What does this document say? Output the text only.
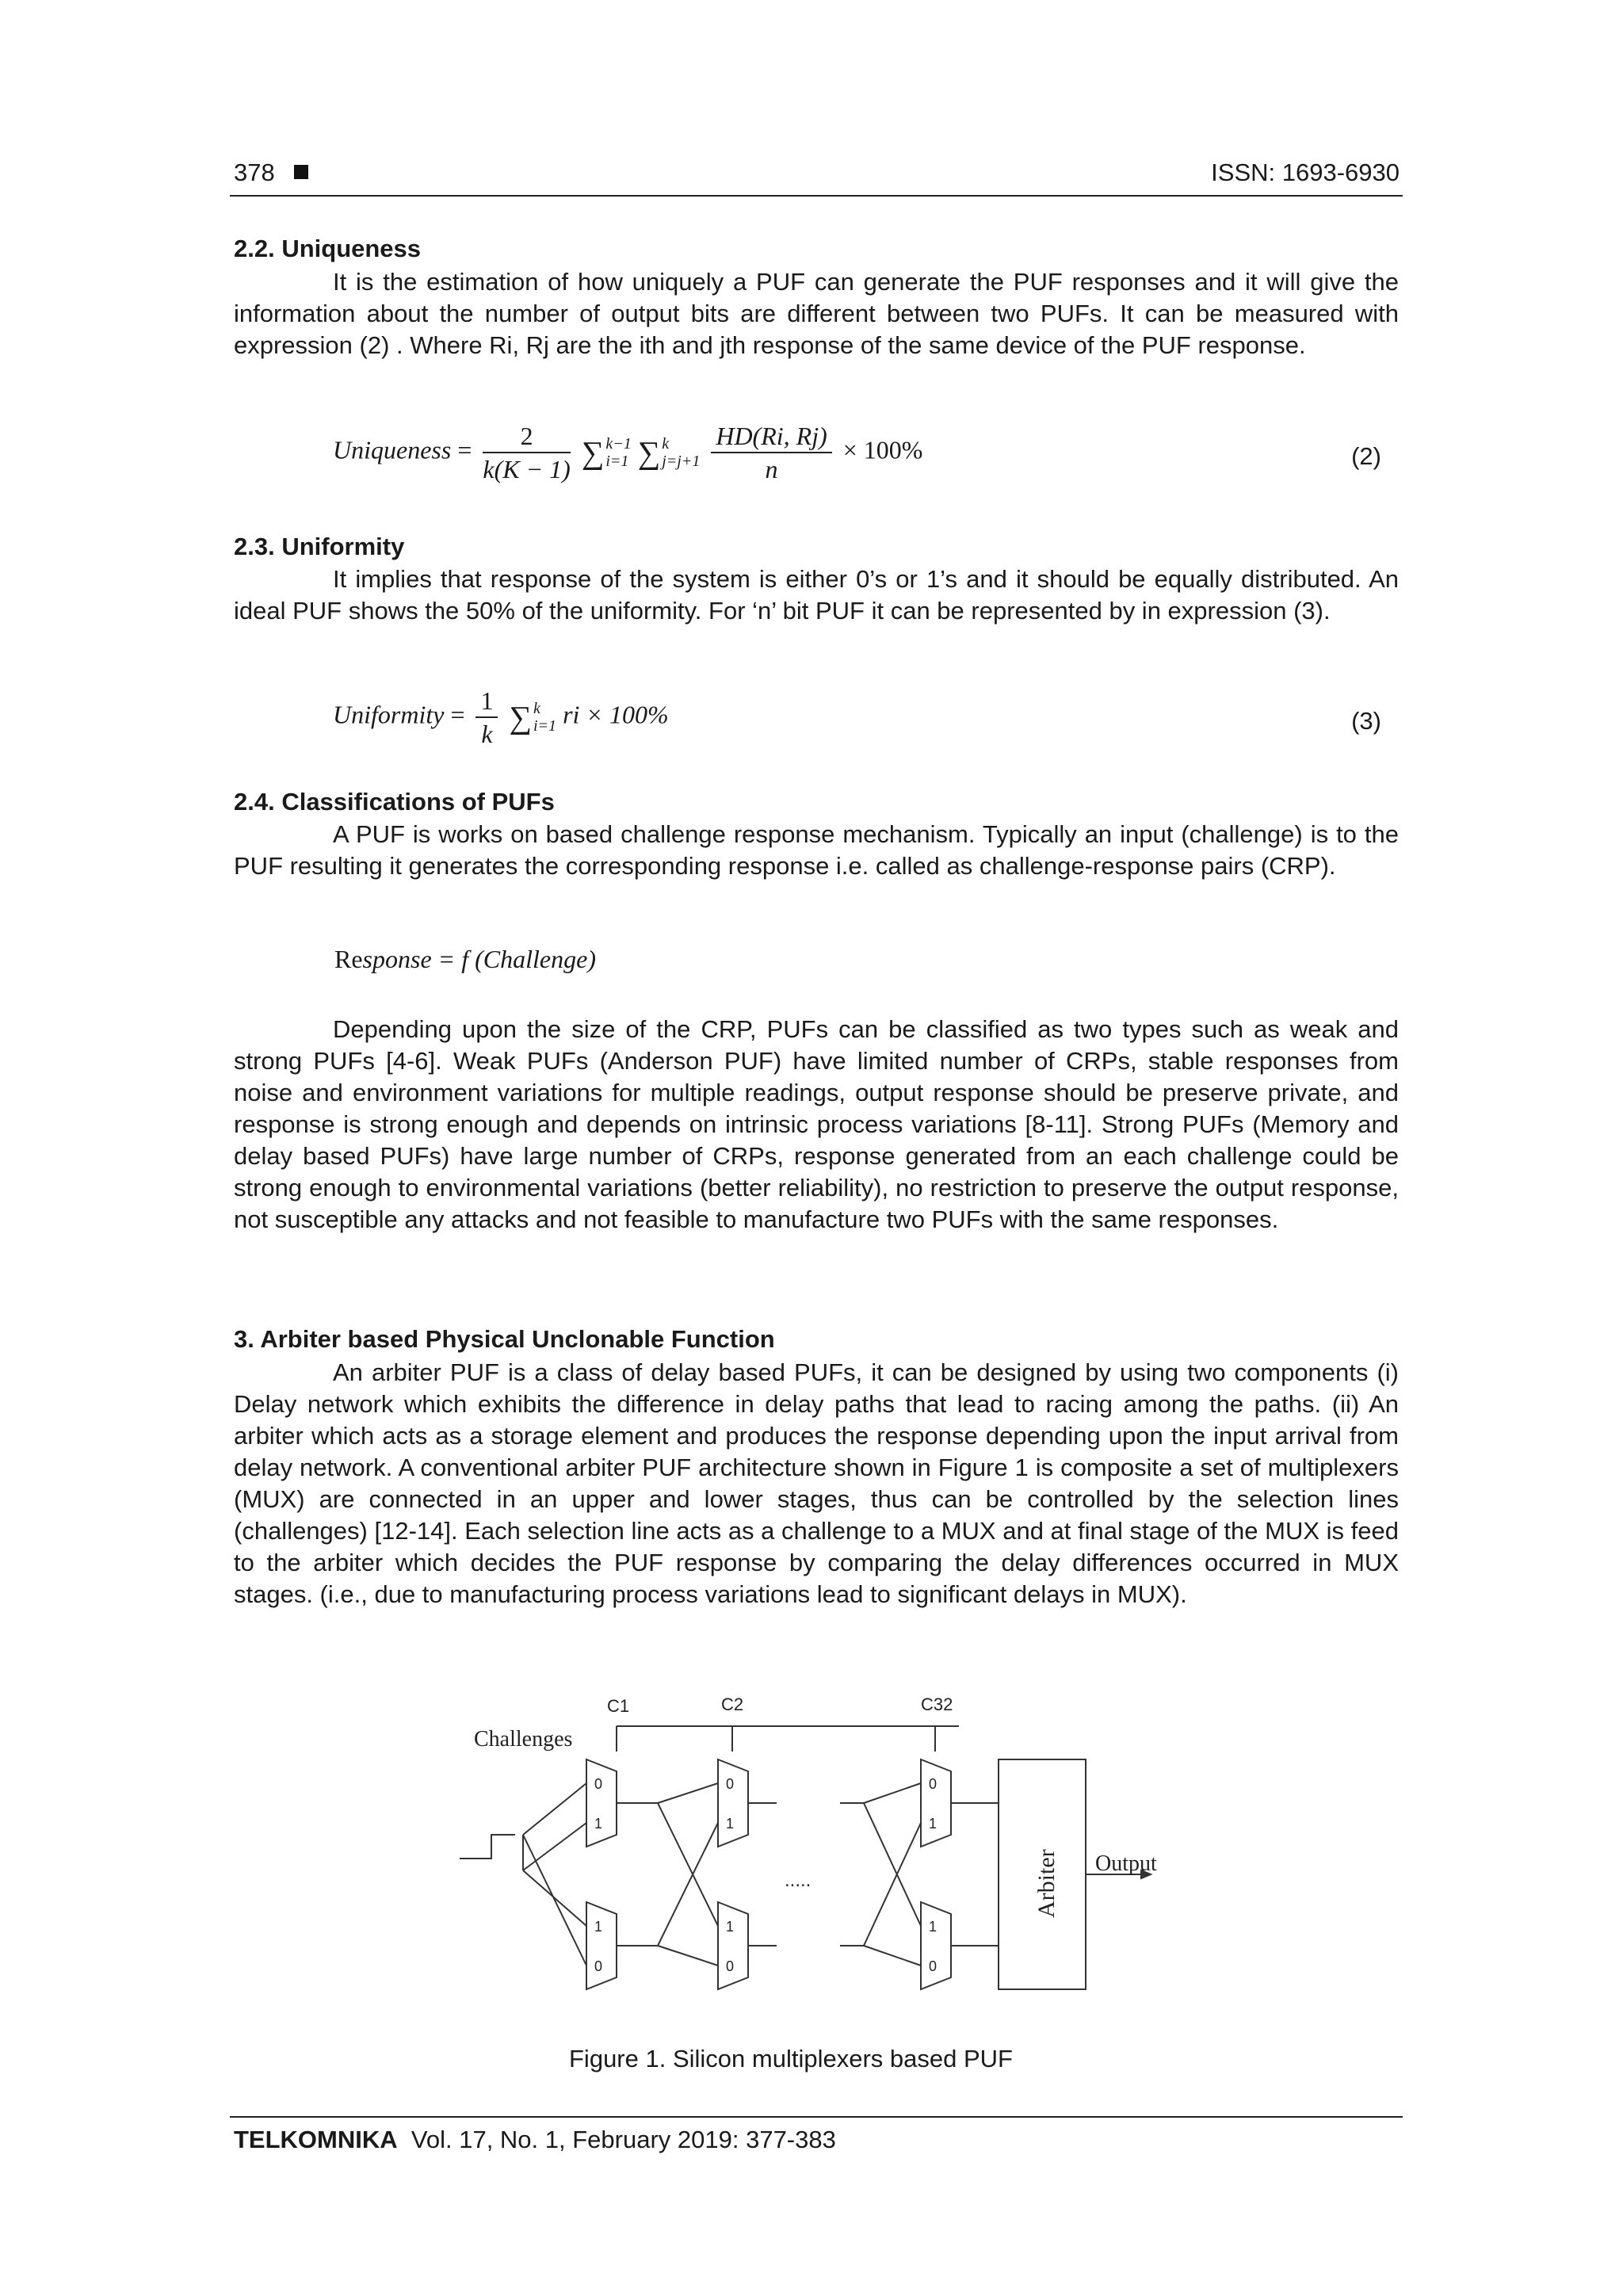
378	ISSN: 1693-6930
2.2. Uniqueness

It is the estimation of how uniquely a PUF can generate the PUF responses and it will give the information about the number of output bits are different between two PUFs. It can be measured with expression (2) . Where Ri, Rj are the ith and jth response of the same device of the PUF response.

Uniqueness = $\frac{2}{k(K - 1)}$ ∑ k−1
i=1 ∑ k
j=j+1
$\frac{HD(Ri, Rj)}{n} \times 100\%$	(2)
2.3. Uniformity

It implies that response of the system is either 0’s or 1’s and it should be equally distributed. An ideal PUF shows the 50% of the uniformity. For ‘n’ bit PUF it can be represented by in expression (3).

Uniformity = $\frac{1}{k}$ ∑ k
i=1 ri × 100%	(3)
2.4. Classifications of PUFs

A PUF is works on based challenge response mechanism. Typically an input (challenge) is to the PUF resulting it generates the corresponding response i.e. called as challenge-response pairs (CRP).

Response = f (Challenge)

Depending upon the size of the CRP, PUFs can be classified as two types such as weak and strong PUFs [4-6]. Weak PUFs (Anderson PUF) have limited number of CRPs, stable responses from noise and environment variations for multiple readings, output response should be preserve private, and response is strong enough and depends on intrinsic process variations [8-11]. Strong PUFs (Memory and delay based PUFs) have large number of CRPs, response generated from an each challenge could be strong enough to environmental variations (better reliability), no restriction to preserve the output response, not susceptible any attacks and not feasible to manufacture two PUFs with the same responses.

3. Arbiter based Physical Unclonable Function

An arbiter PUF is a class of delay based PUFs, it can be designed by using two components (i) Delay network which exhibits the difference in delay paths that lead to racing among the paths. (ii) An arbiter which acts as a storage element and produces the response depending upon the input arrival from delay network. A conventional arbiter PUF architecture shown in Figure 1 is composite a set of multiplexers (MUX) are connected in an upper and lower stages, thus can be controlled by the selection lines (challenges) [12-14]. Each selection line acts as a challenge to a MUX and at final stage of the MUX is feed to the arbiter which decides the PUF response by comparing the delay differences occurred in MUX stages. (i.e., due to manufacturing process variations lead to significant delays in MUX).

C1	C2	C32
Challenges
Arbiter Output
.....
0
1
1
0
0
1
1
0
0
1
1
0
Figure 1. Silicon multiplexers based PUF
TELKOMNIKA Vol. 17, No. 1, February 2019: 377-383
